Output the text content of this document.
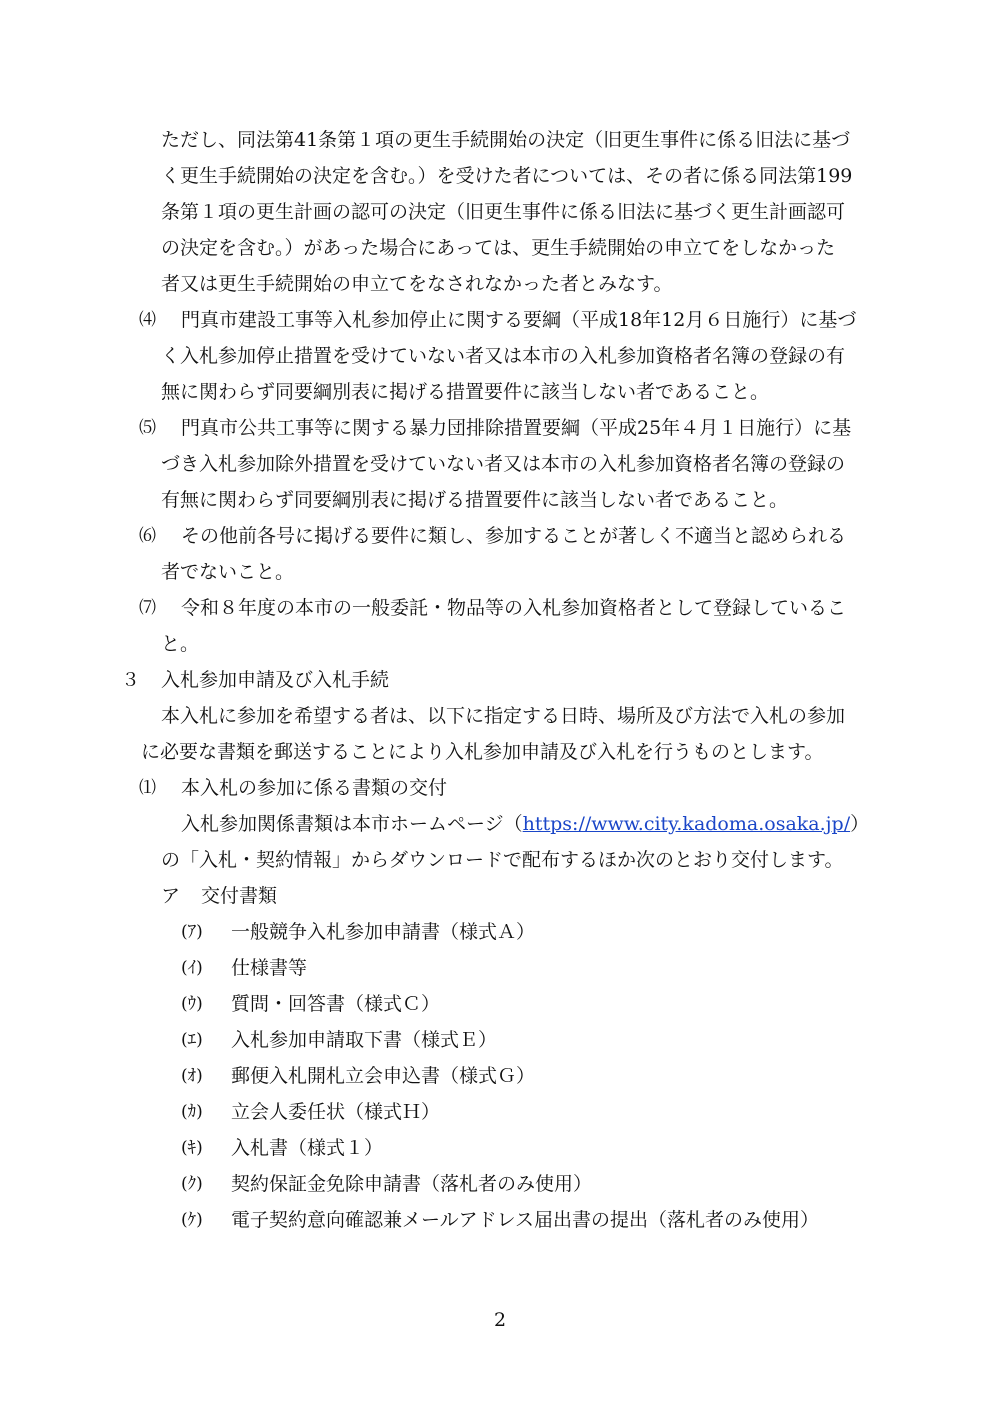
ただし、同法第41条第１項の更生手続開始の決定（旧更生事件に係る旧法に基づ
く更生手続開始の決定を含む。）を受けた者については、その者に係る同法第199
条第１項の更生計画の認可の決定（旧更生事件に係る旧法に基づく更生計画認可
の決定を含む。）があった場合にあっては、更生手続開始の申立てをしなかった
者又は更生手続開始の申立てをなされなかった者とみなす。
⑷ 門真市建設工事等入札参加停止に関する要綱（平成18年12月６日施行）に基づ
く入札参加停止措置を受けていない者又は本市の入札参加資格者名簿の登録の有
無に関わらず同要綱別表に掲げる措置要件に該当しない者であること。
⑸ 門真市公共工事等に関する暴力団排除措置要綱（平成25年４月１日施行）に基
づき入札参加除外措置を受けていない者又は本市の入札参加資格者名簿の登録の
有無に関わらず同要綱別表に掲げる措置要件に該当しない者であること。
⑹ その他前各号に掲げる要件に類し、参加することが著しく不適当と認められる
者でないこと。
⑺ 令和８年度の本市の一般委託・物品等の入札参加資格者として登録しているこ
と。
３ 入札参加申請及び入札手続
本入札に参加を希望する者は、以下に指定する日時、場所及び方法で入札の参加
に必要な書類を郵送することにより入札参加申請及び入札を行うものとします。
⑴ 本入札の参加に係る書類の交付
入札参加関係書類は本市ホームページ（https://www.city.kadoma.osaka.jp/）
の「入札・契約情報」からダウンロードで配布するほか次のとおり交付します。
ア 交付書類
(ｱ) 一般競争入札参加申請書（様式Ａ）
(ｲ) 仕様書等
(ｳ) 質問・回答書（様式Ｃ）
(ｴ) 入札参加申請取下書（様式Ｅ）
(ｵ) 郵便入札開札立会申込書（様式Ｇ）
(ｶ) 立会人委任状（様式Ｈ）
(ｷ) 入札書（様式１）
(ｸ) 契約保証金免除申請書（落札者のみ使用）
(ｹ) 電子契約意向確認兼メールアドレス届出書の提出（落札者のみ使用）
2
